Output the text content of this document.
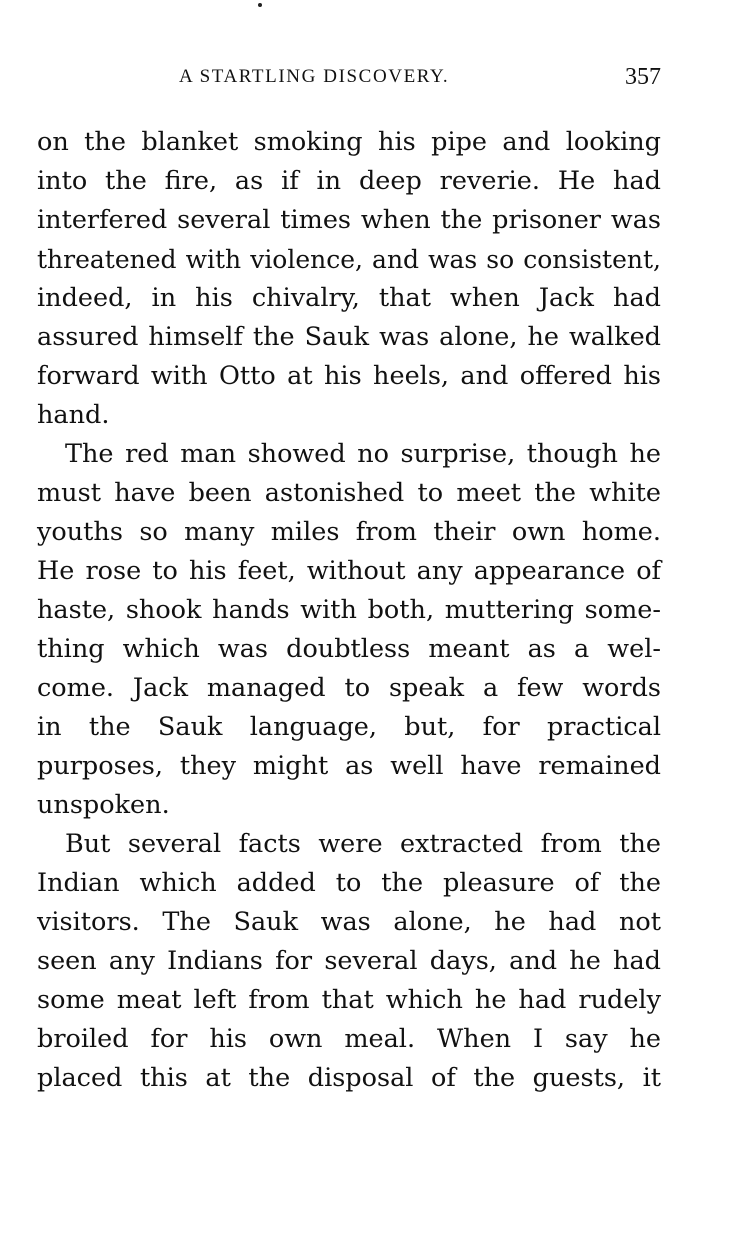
A STARTLING DISCOVERY.	357
on the blanket smoking his pipe and looking
into the fire, as if in deep reverie. He had
interfered several times when the prisoner was
threatened with violence, and was so consistent,
indeed, in his chivalry, that when Jack had
assured himself the Sauk was alone, he walked
forward with Otto at his heels, and offered his
hand.
The red man showed no surprise, though he
must have been astonished to meet the white
youths so many miles from their own home.
He rose to his feet, without any appearance of
haste, shook hands with both, muttering some-
thing which was doubtless meant as a wel-
come. Jack managed to speak a few words
in the Sauk language, but, for practical
purposes, they might as well have remained
unspoken.
But several facts were extracted from the
Indian which added to the pleasure of the
visitors. The Sauk was alone, he had not
seen any Indians for several days, and he had
some meat left from that which he had rudely
broiled for his own meal. When I say he
placed this at the disposal of the guests, it
